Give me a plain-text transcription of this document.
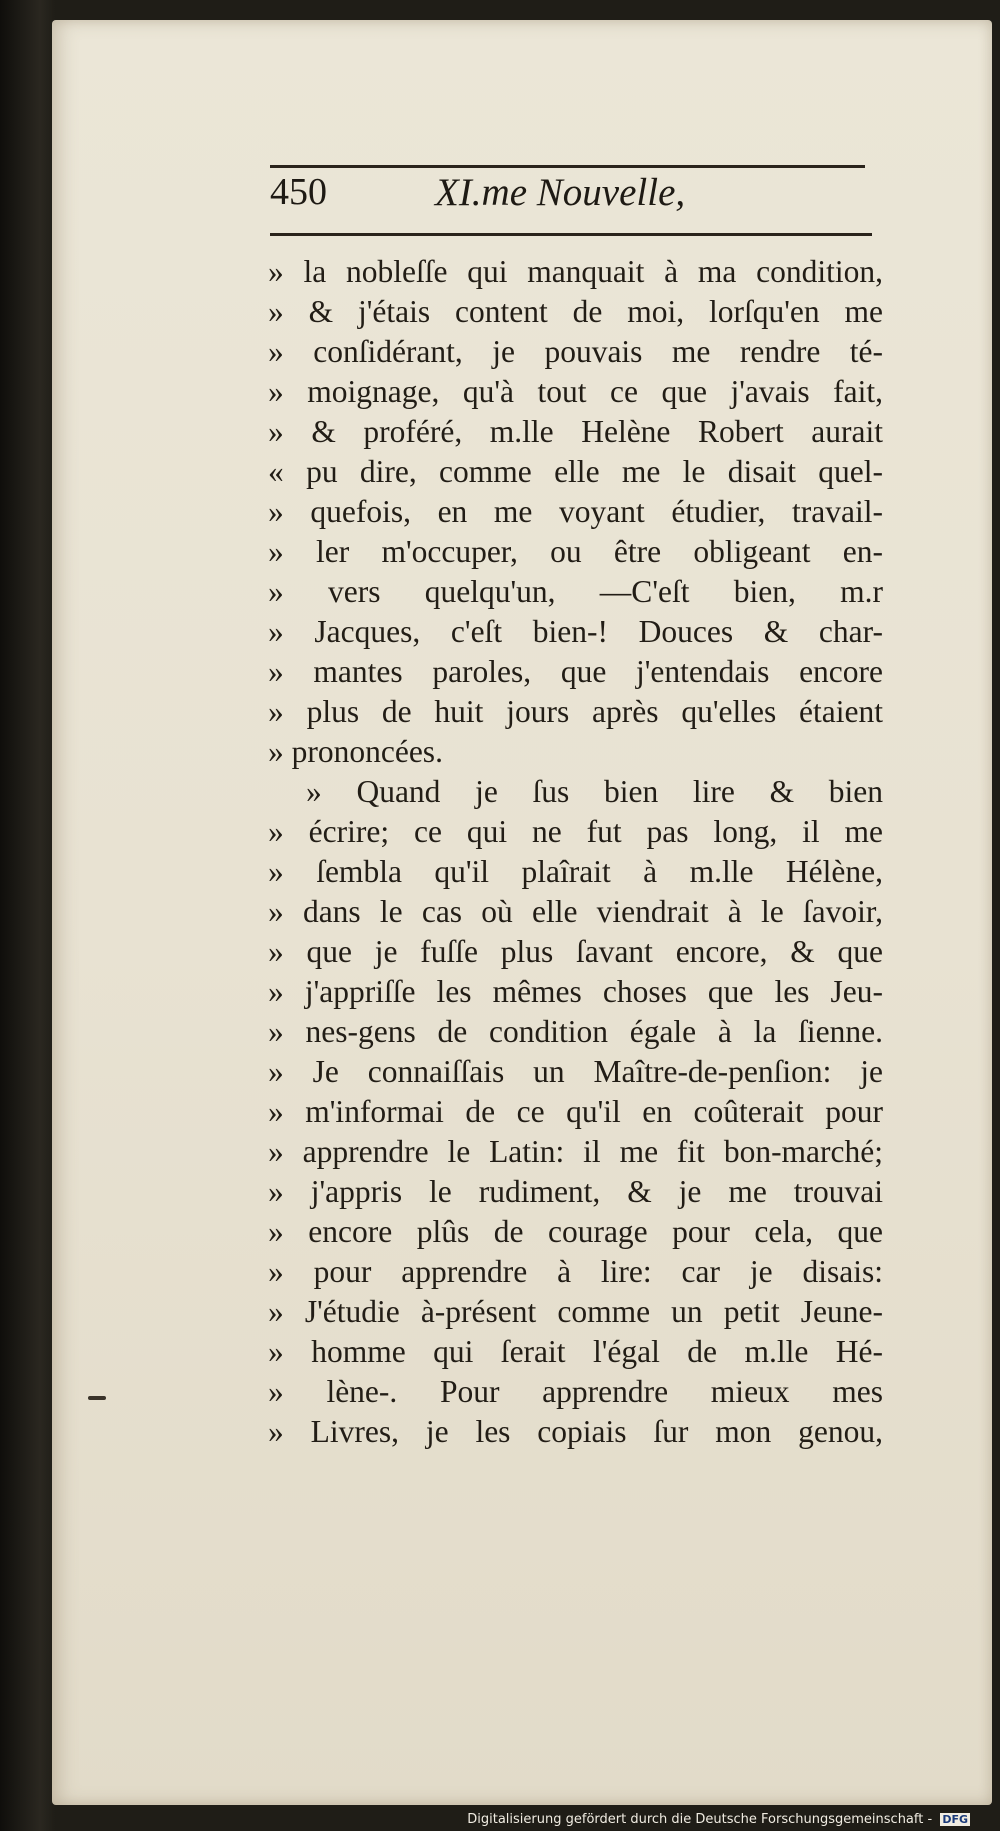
450	XI.me Nouvelle,
» la nobleſſe qui manquait à ma condition,
» & j'étais content de moi, lorſqu'en me
» conſidérant, je pouvais me rendre té-
» moignage, qu'à tout ce que j'avais fait,
» & proféré, m.lle Helène Robert aurait
« pu dire, comme elle me le disait quel-
» quefois, en me voyant étudier, travail-
» ler m'occuper, ou être obligeant en-
» vers quelqu'un, —C'eſt bien, m.r
» Jacques, c'eſt bien-! Douces & char-
» mantes paroles, que j'entendais encore
» plus de huit jours après qu'elles étaient
» prononcées.
» Quand je ſus bien lire & bien
» écrire; ce qui ne fut pas long, il me
» ſembla qu'il plaîrait à m.lle Hélène,
» dans le cas où elle viendrait à le ſavoir,
» que je fuſſe plus ſavant encore, & que
» j'appriſſe les mêmes choses que les Jeu-
» nes-gens de condition égale à la ſienne.
» Je connaiſſais un Maître-de-penſion: je
» m'informai de ce qu'il en coûterait pour
» apprendre le Latin: il me fit bon-marché;
» j'appris le rudiment, & je me trouvai
» encore plûs de courage pour cela, que
» pour apprendre à lire: car je disais:
» J'étudie à-présent comme un petit Jeune-
» homme qui ſerait l'égal de m.lle Hé-
» lène-. Pour apprendre mieux mes
» Livres, je les copiais ſur mon genou,
Digitalisierung gefördert durch die Deutsche Forschungsgemeinschaft - DFG
